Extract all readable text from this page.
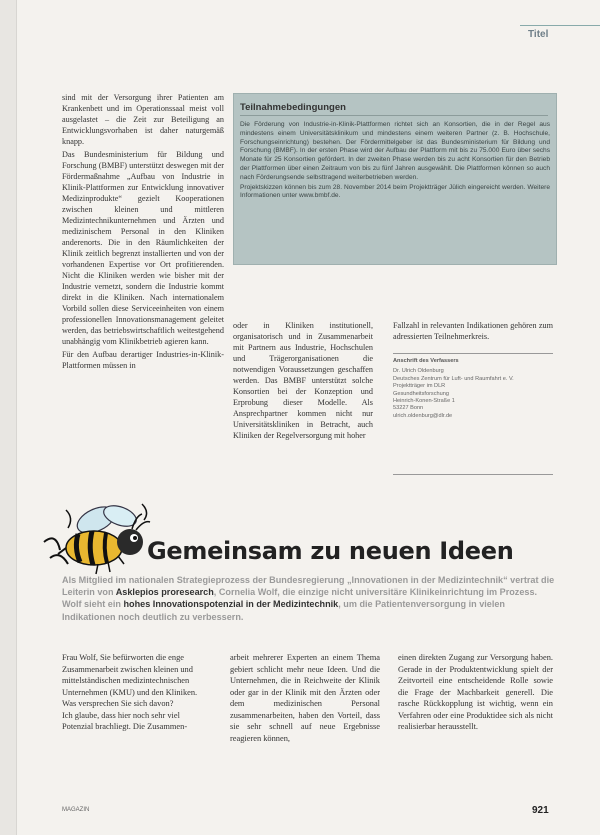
Titel

sind mit der Versorgung ihrer Patienten am Krankenbett und im Operationssaal meist voll ausgelastet – die Zeit zur Beteiligung an Entwicklungsvorhaben ist daher naturgemäß knapp.

Das Bundesministerium für Bildung und Forschung (BMBF) unterstützt deswegen mit der Fördermaßnahme „Aufbau von Industrie in Klinik-Plattformen zur Entwicklung innovativer Medizinprodukte“ gezielt Kooperationen zwischen kleinen und mittleren Medizintechnikunternehmen und Ärzten und medizinischem Personal in den Kliniken anderenorts. Die in den Räumlichkeiten der Klinik zeitlich begrenzt installierten und von der vorhandenen Expertise vor Ort profitierenden. Nicht die Kliniken werden wie bisher mit der Industrie vernetzt, sondern die Industrie kommt direkt in die Kliniken. Nach internationalem Vorbild sollen diese Serviceeinheiten von einem professionellen Innovationsmanagement geleitet werden, das betriebswirtschaftlich weitestgehend unabhängig vom Klinikbetrieb agieren kann.

Für den Aufbau derartiger Industries-in-Klinik-Plattformen müssen in

Teilnahmebedingungen

Die Förderung von Industrie-in-Klinik-Plattformen richtet sich an Konsortien, die in der Regel aus mindestens einem Universitätsklinikum und mindestens einem weiteren Partner (z. B. Hochschule, Forschungseinrichtung) bestehen. Der Fördermittelgeber ist das Bundesministerium für Bildung und Forschung (BMBF). In der ersten Phase wird der Aufbau der Plattform mit bis zu 75.000 Euro über sechs Monate für 25 Konsortien gefördert. In der zweiten Phase werden bis zu acht Konsortien für den Betrieb der Plattformen über einen Zeitraum von bis zu fünf Jahren ausgewählt. Die Plattformen können so auch nach Förderungsende selbsttragend weiterbetrieben werden.

Projektskizzen können bis zum 28. November 2014 beim Projektträger Jülich eingereicht werden. Weitere Informationen unter www.bmbf.de.

oder in Kliniken institutionell, organisatorisch und in Zusammenarbeit mit Partnern aus Industrie, Hochschulen und Trägerorganisationen die notwendigen Voraussetzungen geschaffen werden. Das BMBF unterstützt solche Konsortien bei der Konzeption und Erprobung dieser Modelle. Als Ansprechpartner kommen nicht nur Universitätskliniken in Betracht, auch Kliniken der Regelversorgung mit hoher

Fallzahl in relevanten Indikationen gehören zum adressierten Teilnehmerkreis.

Anschrift des Verfassers
Dr. Ulrich Oldenburg
Deutsches Zentrum für Luft- und Raumfahrt e. V.
Projektträger im DLR
Gesundheitsforschung
Heinrich-Konen-Straße 1
53227 Bonn
ulrich.oldenburg@dlr.de
Gemeinsam zu neuen Ideen
Als Mitglied im nationalen Strategieprozess der Bundesregierung „Innovationen in der Medizintechnik“ vertrat die Leiterin von Asklepios proresearch, Cornelia Wolf, die einzige nicht universitäre Klinikeinrichtung im Prozess. Wolf sieht ein hohes Innovationspotenzial in der Medizintechnik, um die Patientenversorgung in vielen Indikationen noch deutlich zu verbessern.
Frau Wolf, Sie befürworten die enge Zusammenarbeit zwischen kleinen und mittelständischen medizintechnischen Unternehmen (KMU) und den Kliniken. Was versprechen Sie sich davon?
Ich glaube, dass hier noch sehr viel Potenzial brachliegt. Die Zusammen-
arbeit mehrerer Experten an einem Thema gebiert schlicht mehr neue Ideen. Und die Unternehmen, die in Reichweite der Klinik oder gar in der Klinik mit den Ärzten oder dem medizinischen Personal zusammenarbeiten, haben den Vorteil, dass sie sehr schnell auf neue Ergebnisse reagieren können,
einen direkten Zugang zur Versorgung haben. Gerade in der Produktentwicklung spielt der Zeitvorteil eine entscheidende Rolle sowie die Frage der Machbarkeit generell. Die rasche Rückkopplung ist wichtig, wenn ein Verfahren oder eine Produktidee sich als nicht realisierbar herausstellt.
MAGAZIN	921
